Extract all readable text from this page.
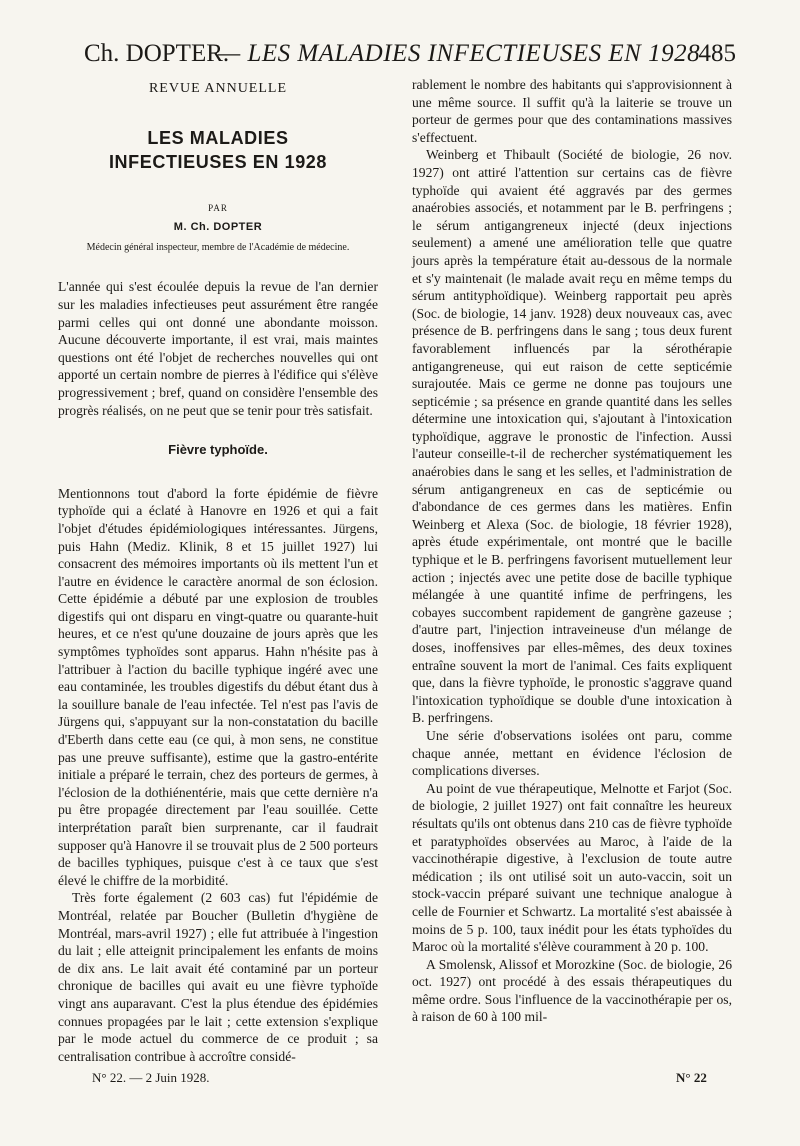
Ch. DOPTER.
— LES MALADIES INFECTIEUSES EN 1928
485
REVUE ANNUELLE
LES MALADIES
INFECTIEUSES EN 1928
PAR
M. Ch. DOPTER
Médecin général inspecteur, membre de l'Académie de médecine.

L'année qui s'est écoulée depuis la revue de l'an dernier sur les maladies infectieuses peut assurément être rangée parmi celles qui ont donné une abondante moisson. Aucune découverte importante, il est vrai, mais maintes questions ont été l'objet de recherches nouvelles qui ont apporté un certain nombre de pierres à l'édifice qui s'élève progressivement ; bref, quand on considère l'ensemble des progrès réalisés, on ne peut que se tenir pour très satisfait.

Fièvre typhoïde.

Mentionnons tout d'abord la forte épidémie de fièvre typhoïde qui a éclaté à Hanovre en 1926 et qui a fait l'objet d'études épidémiologiques intéressantes. Jürgens, puis Hahn (Mediz. Klinik, 8 et 15 juillet 1927) lui consacrent des mémoires importants où ils mettent l'un et l'autre en évidence le caractère anormal de son éclosion. Cette épidémie a débuté par une explosion de troubles digestifs qui ont disparu en vingt-quatre ou quarante-huit heures, et ce n'est qu'une douzaine de jours après que les symptômes typhoïdes sont apparus. Hahn n'hésite pas à l'attribuer à l'action du bacille typhique ingéré avec une eau contaminée, les troubles digestifs du début étant dus à la souillure banale de l'eau infectée. Tel n'est pas l'avis de Jürgens qui, s'appuyant sur la non-constatation du bacille d'Eberth dans cette eau (ce qui, à mon sens, ne constitue pas une preuve suffisante), estime que la gastro-entérite initiale a préparé le terrain, chez des porteurs de germes, à l'éclosion de la dothiénentérie, mais que cette dernière n'a pu être propagée directement par l'eau souillée. Cette interprétation paraît bien surprenante, car il faudrait supposer qu'à Hanovre il se trouvait plus de 2 500 porteurs de bacilles typhiques, puisque c'est à ce taux que s'est élevé le chiffre de la morbidité.

Très forte également (2 603 cas) fut l'épidémie de Montréal, relatée par Boucher (Bulletin d'hygiène de Montréal, mars-avril 1927) ; elle fut attribuée à l'ingestion du lait ; elle atteignit principalement les enfants de moins de dix ans. Le lait avait été contaminé par un porteur chronique de bacilles qui avait eu une fièvre typhoïde vingt ans auparavant. C'est la plus étendue des épidémies connues propagées par le lait ; cette extension s'explique par le mode actuel du commerce de ce produit ; sa centralisation contribue à accroître considé-

rablement le nombre des habitants qui s'approvisionnent à une même source. Il suffit qu'à la laiterie se trouve un porteur de germes pour que des contaminations massives s'effectuent.

Weinberg et Thibault (Société de biologie, 26 nov. 1927) ont attiré l'attention sur certains cas de fièvre typhoïde qui avaient été aggravés par des germes anaérobies associés, et notamment par le B. perfringens ; le sérum antigangreneux injecté (deux injections seulement) a amené une amélioration telle que quatre jours après la température était au-dessous de la normale et s'y maintenait (le malade avait reçu en même temps du sérum antityphoïdique). Weinberg rapportait peu après (Soc. de biologie, 14 janv. 1928) deux nouveaux cas, avec présence de B. perfringens dans le sang ; tous deux furent favorablement influencés par la sérothérapie antigangreneuse, qui eut raison de cette septicémie surajoutée. Mais ce germe ne donne pas toujours une septicémie ; sa présence en grande quantité dans les selles détermine une intoxication qui, s'ajoutant à l'intoxication typhoïdique, aggrave le pronostic de l'infection. Aussi l'auteur conseille-t-il de rechercher systématiquement les anaérobies dans le sang et les selles, et l'administration de sérum antigangreneux en cas de septicémie ou d'abondance de ces germes dans les matières. Enfin Weinberg et Alexa (Soc. de biologie, 18 février 1928), après étude expérimentale, ont montré que le bacille typhique et le B. perfringens favorisent mutuellement leur action ; injectés avec une petite dose de bacille typhique mélangée à une quantité infime de perfringens, les cobayes succombent rapidement de gangrène gazeuse ; d'autre part, l'injection intraveineuse d'un mélange de doses, inoffensives par elles-mêmes, des deux toxines entraîne souvent la mort de l'animal. Ces faits expliquent que, dans la fièvre typhoïde, le pronostic s'aggrave quand l'intoxication typhoïdique se double d'une intoxication à B. perfringens.

Une série d'observations isolées ont paru, comme chaque année, mettant en évidence l'éclosion de complications diverses.

Au point de vue thérapeutique, Melnotte et Farjot (Soc. de biologie, 2 juillet 1927) ont fait connaître les heureux résultats qu'ils ont obtenus dans 210 cas de fièvre typhoïde et paratyphoïdes observées au Maroc, à l'aide de la vaccinothérapie digestive, à l'exclusion de toute autre médication ; ils ont utilisé soit un auto-vaccin, soit un stock-vaccin préparé suivant une technique analogue à celle de Fournier et Schwartz. La mortalité s'est abaissée à moins de 5 p. 100, taux inédit pour les états typhoïdes du Maroc où la mortalité s'élève couramment à 20 p. 100.

A Smolensk, Alissof et Morozkine (Soc. de biologie, 26 oct. 1927) ont procédé à des essais thérapeutiques du même ordre. Sous l'influence de la vaccinothérapie per os, à raison de 60 à 100 mil-

N° 22. — 2 Juin 1928.	N° 22
